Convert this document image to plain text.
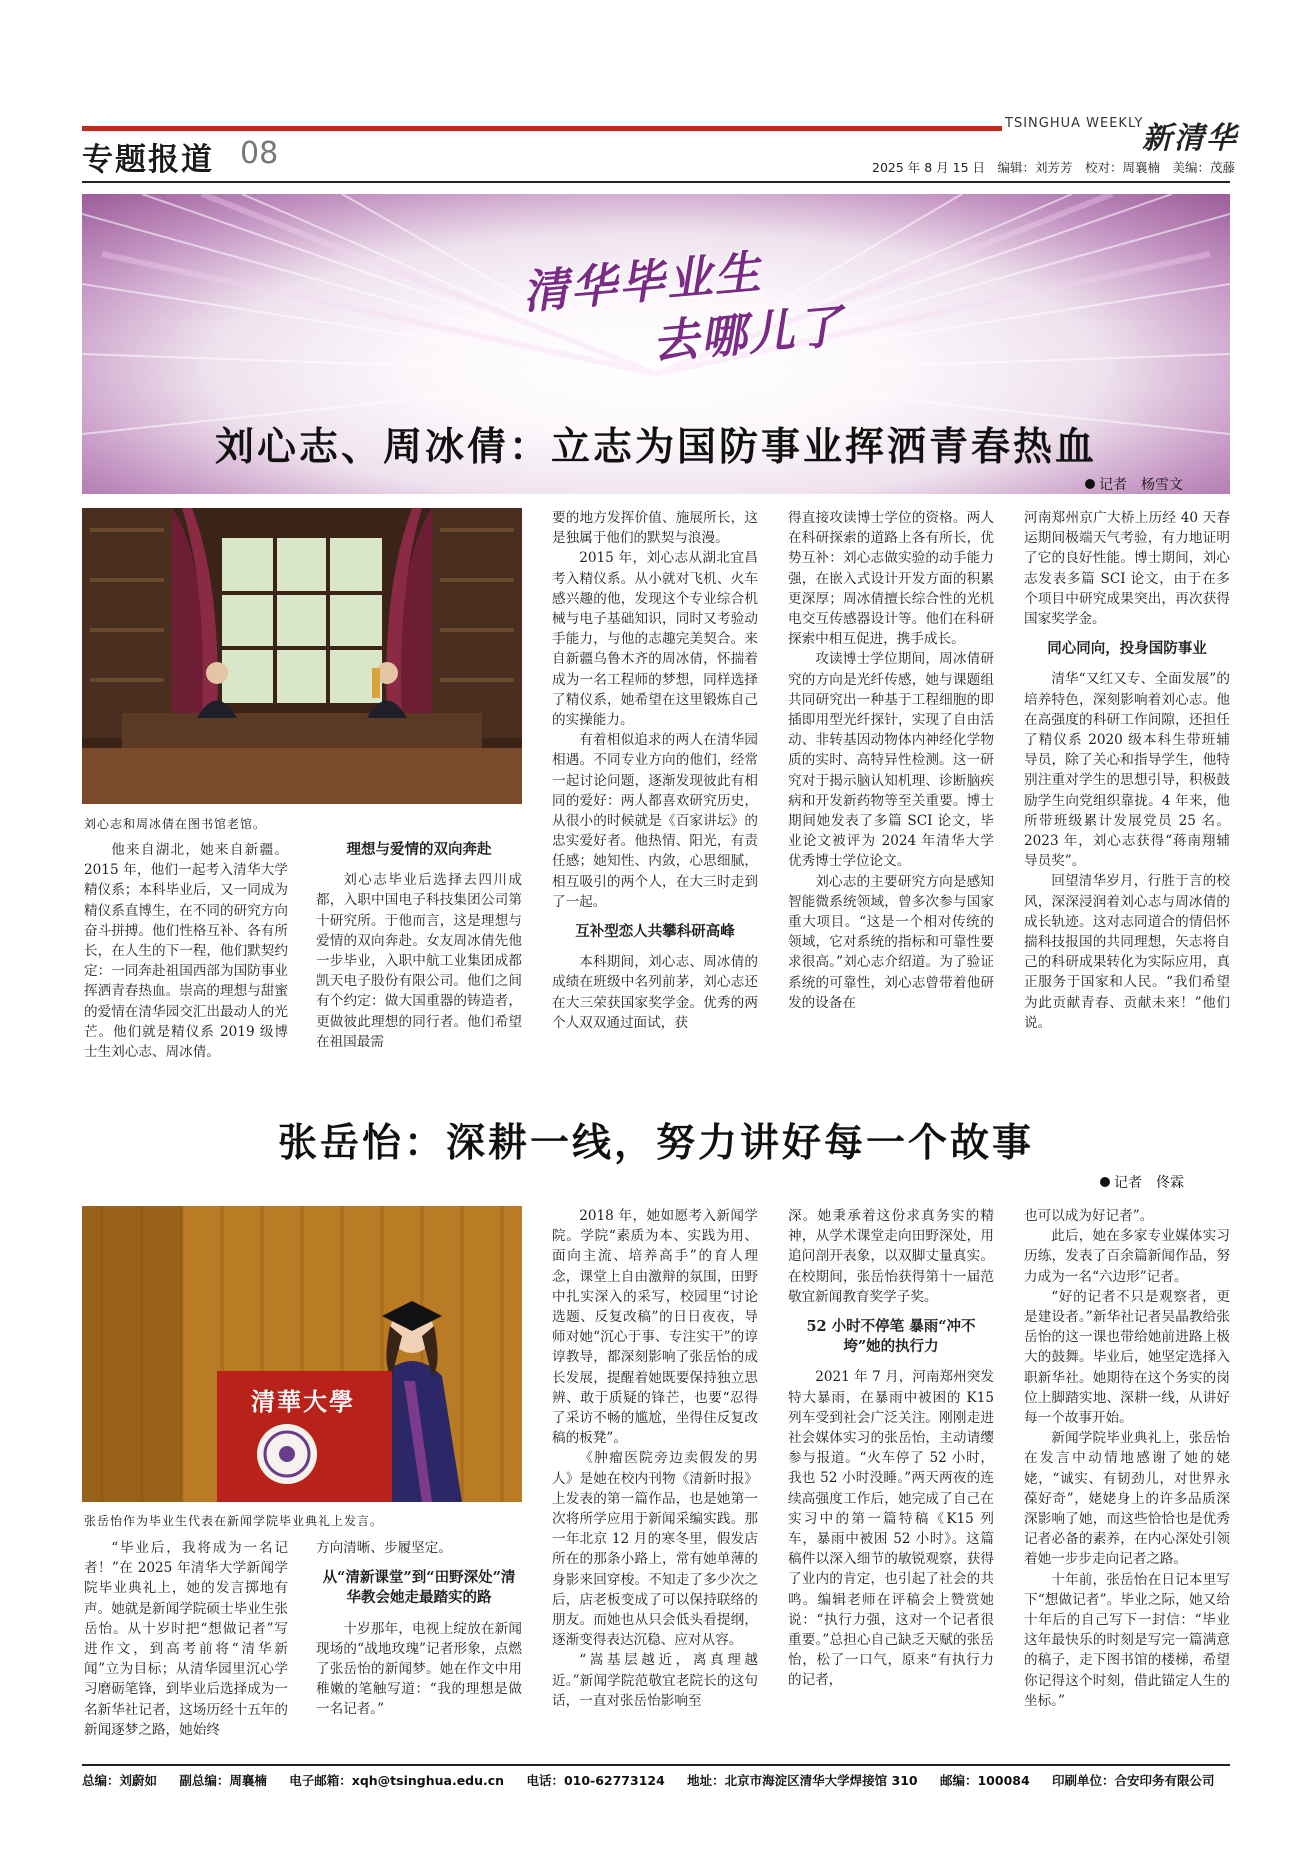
专题报道 08
TSINGHUA WEEKLY
新清华
2025 年 8 月 15 日　编辑：刘芳芳　校对：周襄楠　美编：茂藤
清华毕业生
去哪儿了
刘心志、周冰倩：立志为国防事业挥洒青春热血
记者　杨雪文
刘心志和周冰倩在图书馆老馆。

他来自湖北，她来自新疆。2015 年，他们一起考入清华大学精仪系；本科毕业后，又一同成为精仪系直博生，在不同的研究方向奋斗拼搏。他们性格互补、各有所长，在人生的下一程，他们默契约定：一同奔赴祖国西部为国防事业挥洒青春热血。崇高的理想与甜蜜的爱情在清华园交汇出最动人的光芒。他们就是精仪系 2019 级博士生刘心志、周冰倩。

理想与爱情的双向奔赴

刘心志毕业后选择去四川成都，入职中国电子科技集团公司第十研究所。于他而言，这是理想与爱情的双向奔赴。女友周冰倩先他一步毕业，入职中航工业集团成都凯天电子股份有限公司。他们之间有个约定：做大国重器的铸造者，更做彼此理想的同行者。他们希望在祖国最需

要的地方发挥价值、施展所长，这是独属于他们的默契与浪漫。

2015 年，刘心志从湖北宜昌考入精仪系。从小就对飞机、火车感兴趣的他，发现这个专业综合机械与电子基础知识，同时又考验动手能力，与他的志趣完美契合。来自新疆乌鲁木齐的周冰倩，怀揣着成为一名工程师的梦想，同样选择了精仪系，她希望在这里锻炼自己的实操能力。

有着相似追求的两人在清华园相遇。不同专业方向的他们，经常一起讨论问题，逐渐发现彼此有相同的爱好：两人都喜欢研究历史，从很小的时候就是《百家讲坛》的忠实爱好者。他热情、阳光，有责任感；她知性、内敛，心思细腻，相互吸引的两个人，在大三时走到了一起。

互补型恋人共攀科研高峰

本科期间，刘心志、周冰倩的成绩在班级中名列前茅，刘心志还在大三荣获国家奖学金。优秀的两个人双双通过面试，获

得直接攻读博士学位的资格。两人在科研探索的道路上各有所长，优势互补：刘心志做实验的动手能力强，在嵌入式设计开发方面的积累更深厚；周冰倩擅长综合性的光机电交互传感器设计等。他们在科研探索中相互促进，携手成长。

攻读博士学位期间，周冰倩研究的方向是光纤传感，她与课题组共同研究出一种基于工程细胞的即插即用型光纤探针，实现了自由活动、非转基因动物体内神经化学物质的实时、高特异性检测。这一研究对于揭示脑认知机理、诊断脑疾病和开发新药物等至关重要。博士期间她发表了多篇 SCI 论文，毕业论文被评为 2024 年清华大学优秀博士学位论文。

刘心志的主要研究方向是感知智能微系统领域，曾多次参与国家重大项目。“这是一个相对传统的领域，它对系统的指标和可靠性要求很高。”刘心志介绍道。为了验证系统的可靠性，刘心志曾带着他研发的设备在

河南郑州京广大桥上历经 40 天春运期间极端天气考验，有力地证明了它的良好性能。博士期间，刘心志发表多篇 SCI 论文，由于在多个项目中研究成果突出，再次获得国家奖学金。

同心同向，投身国防事业

清华“又红又专、全面发展”的培养特色，深刻影响着刘心志。他在高强度的科研工作间隙，还担任了精仪系 2020 级本科生带班辅导员，除了关心和指导学生，他特别注重对学生的思想引导，积极鼓励学生向党组织靠拢。4 年来，他所带班级累计发展党员 25 名。2023 年，刘心志获得“蒋南翔辅导员奖”。

回望清华岁月，行胜于言的校风，深深浸润着刘心志与周冰倩的成长轨迹。这对志同道合的情侣怀揣科技报国的共同理想，矢志将自己的科研成果转化为实际应用，真正服务于国家和人民。“我们希望为此贡献青春、贡献未来！”他们说。

张岳怡：深耕一线，努力讲好每一个故事
记者　佟霖
清華大學
张岳怡作为毕业生代表在新闻学院毕业典礼上发言。

“毕业后，我将成为一名记者！”在 2025 年清华大学新闻学院毕业典礼上，她的发言掷地有声。她就是新闻学院硕士毕业生张岳怡。从十岁时把“想做记者”写进作文，到高考前将“清华新闻”立为目标；从清华园里沉心学习磨砺笔锋，到毕业后选择成为一名新华社记者，这场历经十五年的新闻逐梦之路，她始终

方向清晰、步履坚定。

从“清新课堂”到“田野深处”清华教会她走最踏实的路

十岁那年，电视上绽放在新闻现场的“战地玫瑰”记者形象，点燃了张岳怡的新闻梦。她在作文中用稚嫩的笔触写道：“我的理想是做一名记者。”

2018 年，她如愿考入新闻学院。学院“素质为本、实践为用、面向主流、培养高手”的育人理念，课堂上自由激辩的氛围，田野中扎实深入的采写，校园里“讨论选题、反复改稿”的日日夜夜，导师对她“沉心于事、专注实干”的谆谆教导，都深刻影响了张岳怡的成长发展，提醒着她既要保持独立思辨、敢于质疑的锋芒，也要“忍得了采访不畅的尴尬，坐得住反复改稿的板凳”。

《肿瘤医院旁边卖假发的男人》是她在校内刊物《清新时报》上发表的第一篇作品，也是她第一次将所学应用于新闻采编实践。那一年北京 12 月的寒冬里，假发店所在的那条小路上，常有她单薄的身影来回穿梭。不知走了多少次之后，店老板变成了可以保持联络的朋友。而她也从只会低头看提纲，逐渐变得表达沉稳、应对从容。

“嵩基层越近，离真理越近。”新闻学院范敬宜老院长的这句话，一直对张岳怡影响至

深。她秉承着这份求真务实的精神，从学术课堂走向田野深处，用追问剖开表象，以双脚丈量真实。在校期间，张岳怡获得第十一届范敬宜新闻教育奖学子奖。

52 小时不停笔 暴雨“冲不垮”她的执行力

2021 年 7 月，河南郑州突发特大暴雨，在暴雨中被困的 K15 列车受到社会广泛关注。刚刚走进社会媒体实习的张岳怡，主动请缨参与报道。“火车停了 52 小时，我也 52 小时没睡。”两天两夜的连续高强度工作后，她完成了自己在实习中的第一篇特稿《K15 列车，暴雨中被困 52 小时》。这篇稿件以深入细节的敏锐观察，获得了业内的肯定，也引起了社会的共鸣。编辑老师在评稿会上赞赏她说：“执行力强，这对一个记者很重要。”总担心自己缺乏天赋的张岳怡，松了一口气，原来“有执行力的记者，

也可以成为好记者”。

此后，她在多家专业媒体实习历练，发表了百余篇新闻作品，努力成为一名“六边形”记者。

“好的记者不只是观察者，更是建设者。”新华社记者吴晶教给张岳怡的这一课也带给她前进路上极大的鼓舞。毕业后，她坚定选择入职新华社。她期待在这个务实的岗位上脚踏实地、深耕一线，从讲好每一个故事开始。

新闻学院毕业典礼上，张岳怡在发言中动情地感谢了她的姥姥，“诚实、有韧劲儿，对世界永葆好奇”，姥姥身上的许多品质深深影响了她，而这些恰恰也是优秀记者必备的素养，在内心深处引领着她一步步走向记者之路。

十年前，张岳怡在日记本里写下“想做记者”。毕业之际，她又给十年后的自己写下一封信：“毕业这年最快乐的时刻是写完一篇满意的稿子，走下图书馆的楼梯，希望你记得这个时刻，借此锚定人生的坐标。”

总编：刘蔚如 副总编：周襄楠 电子邮箱：xqh@tsinghua.edu.cn 电话：010-62773124 地址：北京市海淀区清华大学焊接馆 310 邮编：100084 印刷单位：合安印务有限公司
